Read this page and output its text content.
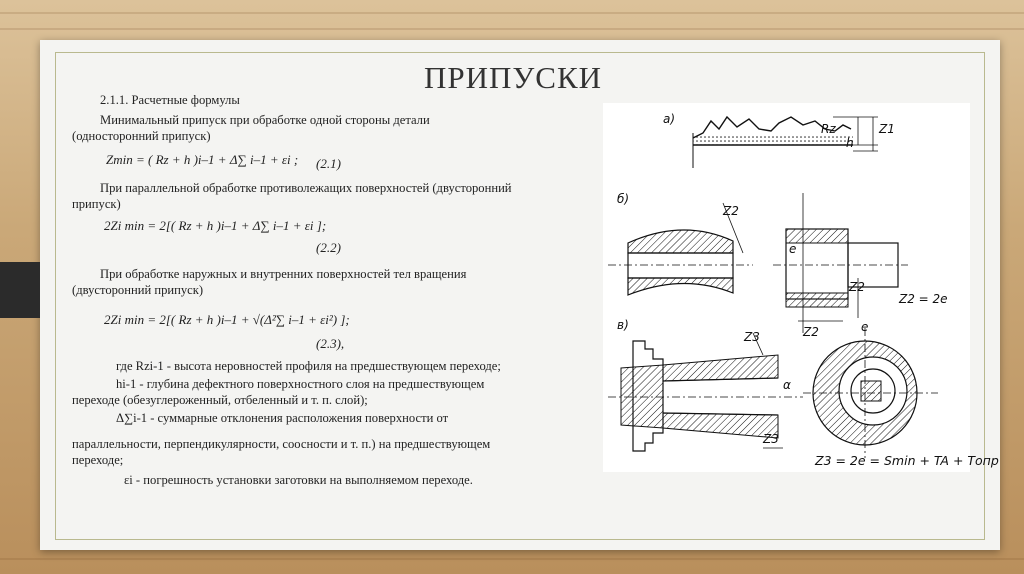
ПРИПУСКИ
2.1.1. Расчетные формулы
Минимальный припуск при обработке одной стороны детали
(односторонний припуск)
Zmin = ( Rz + h )i–1 + Δ∑ i–1 + εi ; (2.1)
При параллельной обработке противолежащих поверхностей (двусторонний
припуск)
2Zi min = 2[( Rz + h )i–1 + Δ∑ i–1 + εi ];
(2.2)
При обработке наружных и внутренних поверхностей тел вращения
(двусторонний припуск)
2Zi min = 2[( Rz + h )i–1 + √(Δ²∑ i–1 + εi²) ];
(2.3),
где Rzi-1 - высота неровностей профиля на предшествующем переходе;
hi-1 - глубина дефектного поверхностного слоя на предшествующем
переходе (обезуглероженный, отбеленный и т. п. слой);
Δ∑i-1 - суммарные отклонения расположения поверхности от
параллельности, перпендикулярности, соосности и т. п.) на предшествующем
переходе;
εi - погрешность установки заготовки на выполняемом переходе.
а)
Rz
h
Z1
б)
Z2
e
Z2
Z2 = 2e
Z2	e
в)
Z3
α
Z3
Z3 = 2e = Smin + TA + Tопр
